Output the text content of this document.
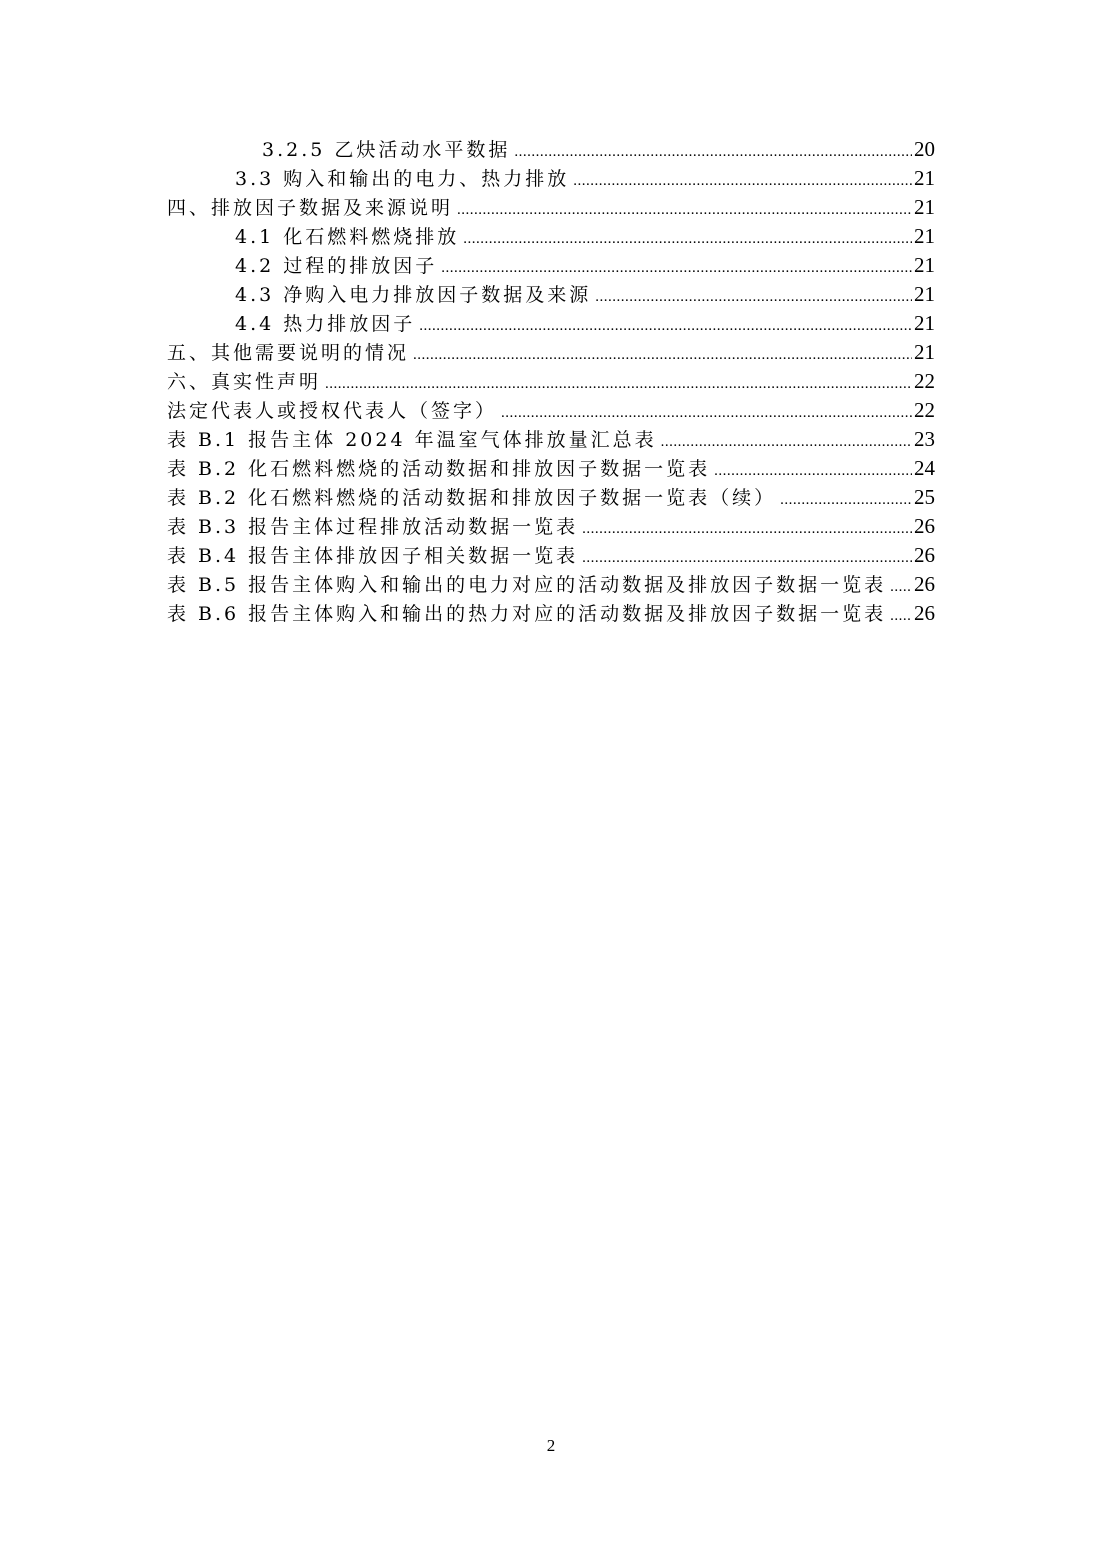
3.2.5 乙炔活动水平数据 .....	20
3.3 购入和输出的电力、热力排放 .....	21
四、排放因子数据及来源说明 .....	21
4.1 化石燃料燃烧排放 .....	21
4.2 过程的排放因子 .....	21
4.3 净购入电力排放因子数据及来源 .....	21
4.4 热力排放因子 .....	21
五、其他需要说明的情况 .....	21
六、真实性声明 .....	22
法定代表人或授权代表人（签字） .....	22
表 B.1 报告主体 2024 年温室气体排放量汇总表 .....	23
表 B.2 化石燃料燃烧的活动数据和排放因子数据一览表 .....	24
表 B.2 化石燃料燃烧的活动数据和排放因子数据一览表（续） .....	25
表 B.3 报告主体过程排放活动数据一览表 .....	26
表 B.4 报告主体排放因子相关数据一览表 .....	26
表 B.5 报告主体购入和输出的电力对应的活动数据及排放因子数据一览表 ..... 26
表 B.6 报告主体购入和输出的热力对应的活动数据及排放因子数据一览表 ..... 26
2
